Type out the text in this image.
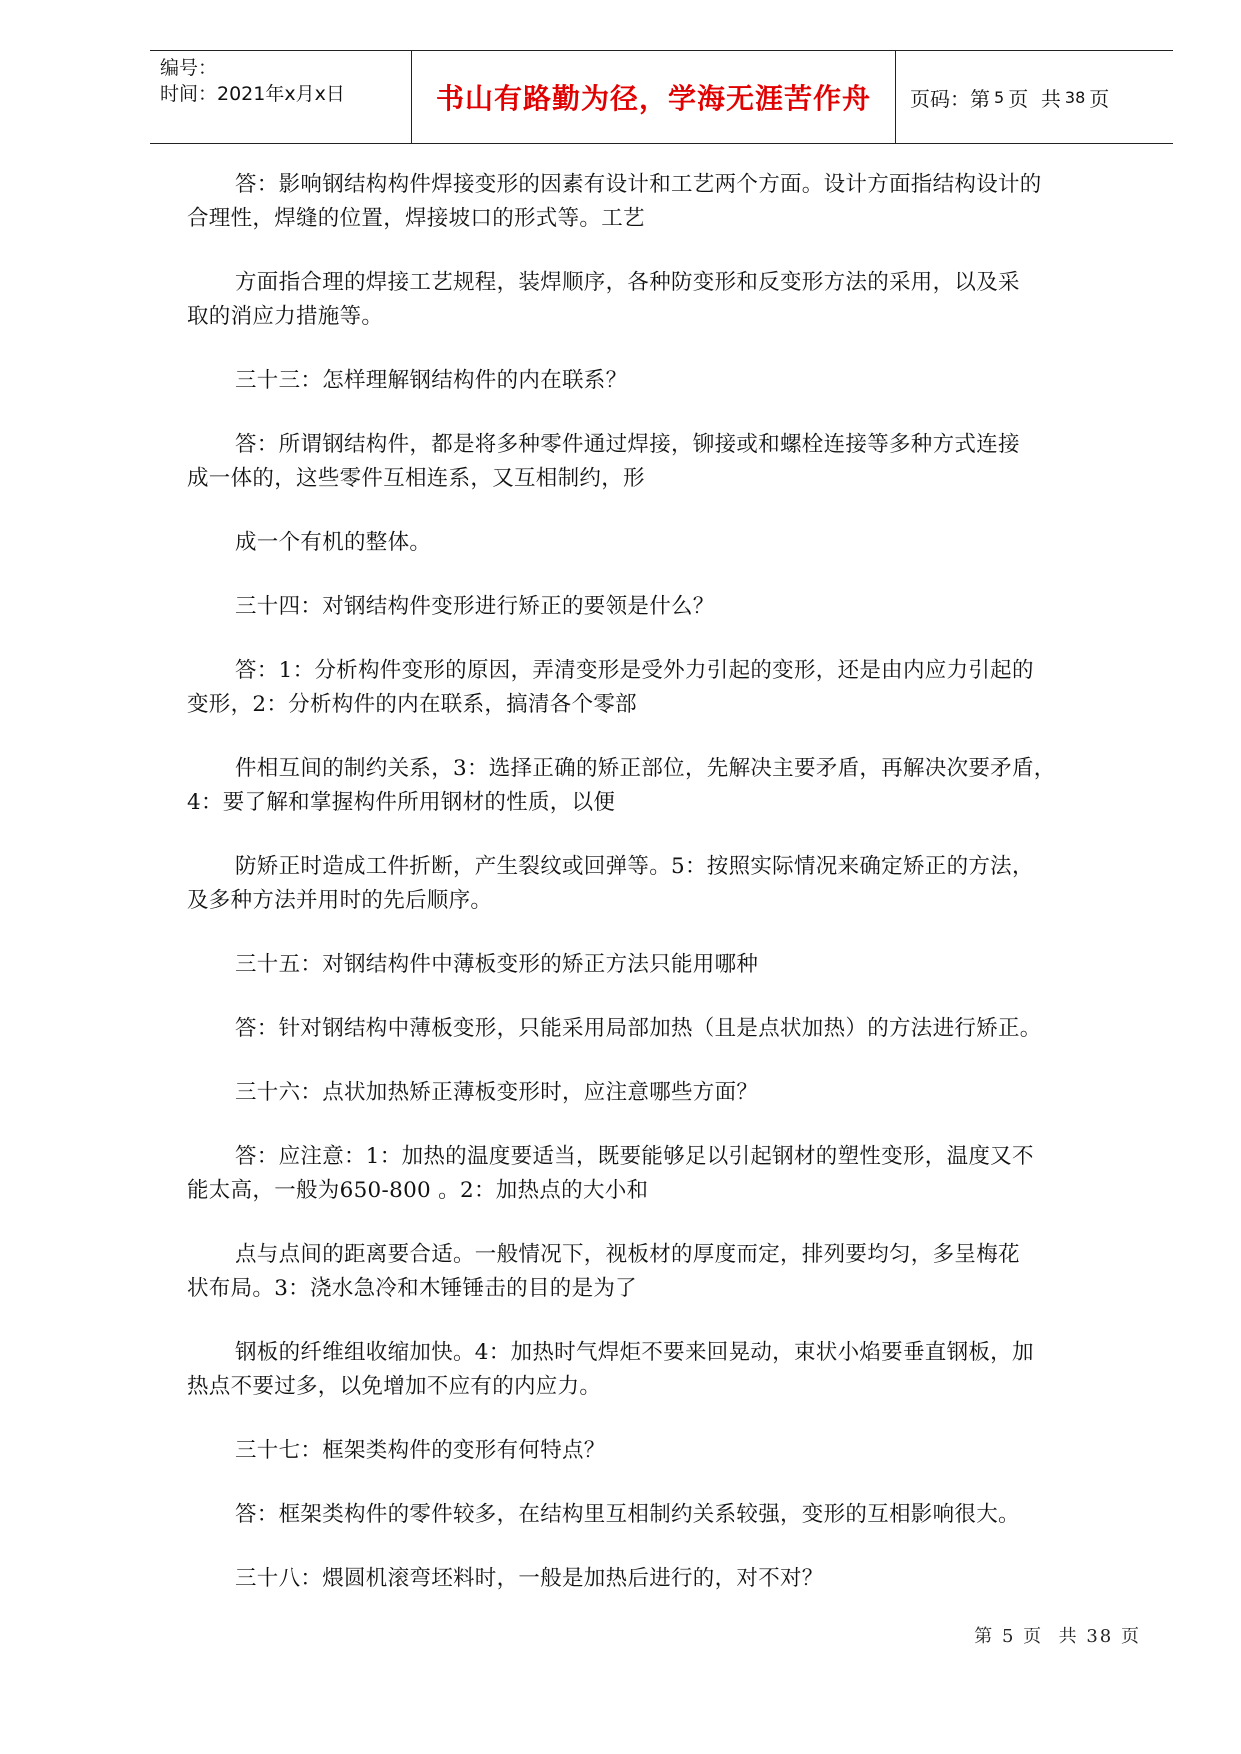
编号：
时间：2021年x月x日	书山有路勤为径，学海无涯苦作舟 页码：第 5 页  共 38 页
答：影响钢结构构件焊接变形的因素有设计和工艺两个方面。设计方面指结构设计的
合理性，焊缝的位置，焊接坡口的形式等。工艺
方面指合理的焊接工艺规程，装焊顺序，各种防变形和反变形方法的采用，以及采
取的消应力措施等。
三十三：怎样理解钢结构件的内在联系？
答：所谓钢结构件，都是将多种零件通过焊接，铆接或和螺栓连接等多种方式连接
成一体的，这些零件互相连系，又互相制约，形
成一个有机的整体。
三十四：对钢结构件变形进行矫正的要领是什么？
答：1：分析构件变形的原因，弄清变形是受外力引起的变形，还是由内应力引起的
变形，2：分析构件的内在联系，搞清各个零部
件相互间的制约关系，3：选择正确的矫正部位，先解决主要矛盾，再解决次要矛盾，
4：要了解和掌握构件所用钢材的性质，以便
防矫正时造成工件折断，产生裂纹或回弹等。5：按照实际情况来确定矫正的方法，
及多种方法并用时的先后顺序。
三十五：对钢结构件中薄板变形的矫正方法只能用哪种
答：针对钢结构中薄板变形，只能采用局部加热（且是点状加热）的方法进行矫正。
三十六：点状加热矫正薄板变形时，应注意哪些方面？
答：应注意：1：加热的温度要适当，既要能够足以引起钢材的塑性变形，温度又不
能太高，一般为650-800 。2：加热点的大小和
点与点间的距离要合适。一般情况下，视板材的厚度而定，排列要均匀，多呈梅花
状布局。3：浇水急冷和木锤锤击的目的是为了
钢板的纤维组收缩加快。4：加热时气焊炬不要来回晃动，束状小焰要垂直钢板，加
热点不要过多，以免增加不应有的内应力。
三十七：框架类构件的变形有何特点？
答：框架类构件的零件较多，在结构里互相制约关系较强，变形的互相影响很大。
三十八：煨圆机滚弯坯料时，一般是加热后进行的，对不对？
第 5 页  共 38 页
